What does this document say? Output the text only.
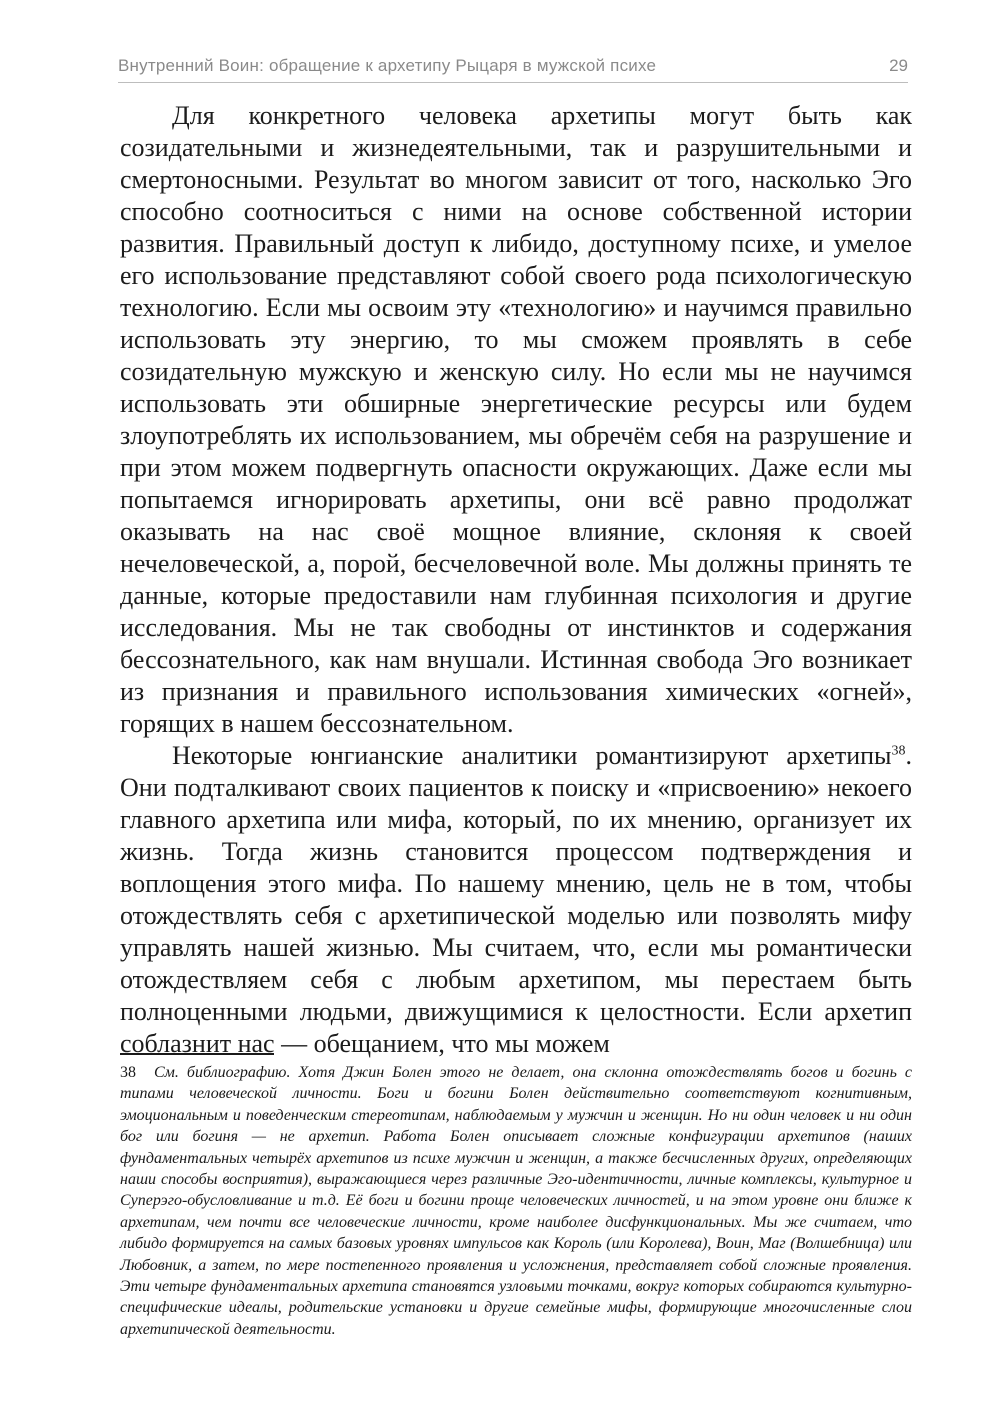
Внутренний Воин: обращение к архетипу Рыцаря в мужской психе	29

Для конкретного человека архетипы могут быть как созидательными и жизнедеятельными, так и разрушительными и смертоносными. Результат во многом зависит от того, насколько Эго способно соотноситься с ними на основе собственной истории развития. Правильный доступ к либидо, доступному психе, и умелое его использование представляют собой своего рода психологическую технологию. Если мы освоим эту «технологию» и научимся правильно использовать эту энергию, то мы сможем проявлять в себе созидательную мужскую и женскую силу. Но если мы не научимся использовать эти обширные энергетические ресурсы или будем злоупотреблять их использованием, мы обречём себя на разрушение и при этом можем подвергнуть опасности окружающих. Даже если мы попытаемся игнорировать архетипы, они всё равно продолжат оказывать на нас своё мощное влияние, склоняя к своей нечеловеческой, а, порой, бесчеловечной воле. Мы должны принять те данные, которые предоставили нам глубинная психология и другие исследования. Мы не так свободны от инстинктов и содержания бессознательного, как нам внушали. Истинная свобода Эго возникает из признания и правильного использования химических «огней», горящих в нашем бессознательном.

Некоторые юнгианские аналитики романтизируют архетипы$^{38}$. Они подталкивают своих пациентов к поиску и «присвоению» некоего главного архетипа или мифа, который, по их мнению, организует их жизнь. Тогда жизнь становится процессом подтверждения и воплощения этого мифа. По нашему мнению, цель не в том, чтобы отождествлять себя с архетипической моделью или позволять мифу управлять нашей жизнью. Мы считаем, что, если мы романтически отождествляем себя с любым архетипом, мы перестаем быть полноценными людьми, движущимися к целостности. Если архетип соблазнит нас — обещанием, что мы можем

38 См. библиографию. Хотя Джин Болен этого не делает, она склонна отождествлять богов и богинь с типами человеческой личности. Боги и богини Болен действительно соответствуют когнитивным, эмоциональным и поведенческим стереотипам, наблюдаемым у мужчин и женщин. Но ни один человек и ни один бог или богиня — не архетип. Работа Болен описывает сложные конфигурации архетипов (наших фундаментальных четырёх архетипов из психе мужчин и женщин, а также бесчисленных других, определяющих наши способы восприятия), выражающиеся через различные Эго-идентичности, личные комплексы, культурное и Суперэго-обусловливание и т.д. Её боги и богини проще человеческих личностей, и на этом уровне они ближе к архетипам, чем почти все человеческие личности, кроме наиболее дисфункциональных. Мы же считаем, что либидо формируется на самых базовых уровнях импульсов как Король (или Королева), Воин, Маг (Волшебница) или Любовник, а затем, по мере постепенного проявления и усложнения, представляет собой сложные проявления. Эти четыре фундаментальных архетипа становятся узловыми точками, вокруг которых собираются культурно-специфические идеалы, родительские установки и другие семейные мифы, формирующие многочисленные слои архетипической деятельности.
